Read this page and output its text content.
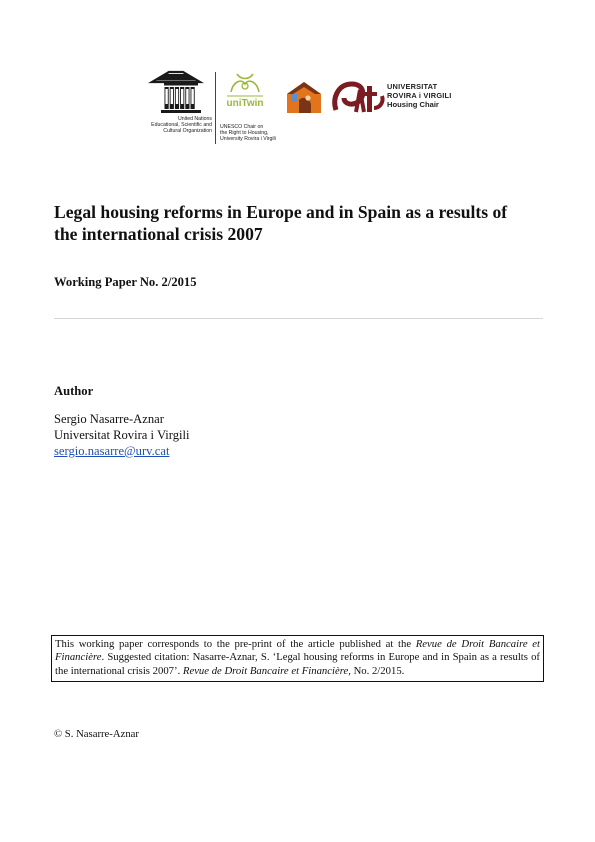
United Nations
Educational, Scientific and
Cultural Organization
uniTwin
UNESCO Chair on
the Right to Housing,
University Rovira i Virgili
UNIVERSITAT
ROVIRA i VIRGILI
Housing Chair
Legal housing reforms in Europe and in Spain as a results of the international crisis 2007

Working Paper No. 2/2015

Author

Sergio Nasarre-Aznar
Universitat Rovira i Virgili
sergio.nasarre@urv.cat
This working paper corresponds to the pre-print of the article published at the Revue de Droit Bancaire et Financière. Suggested citation: Nasarre-Aznar, S. ‘Legal housing reforms in Europe and in Spain as a results of the international crisis 2007’. Revue de Droit Bancaire et Financière, No. 2/2015.
© S. Nasarre-Aznar
